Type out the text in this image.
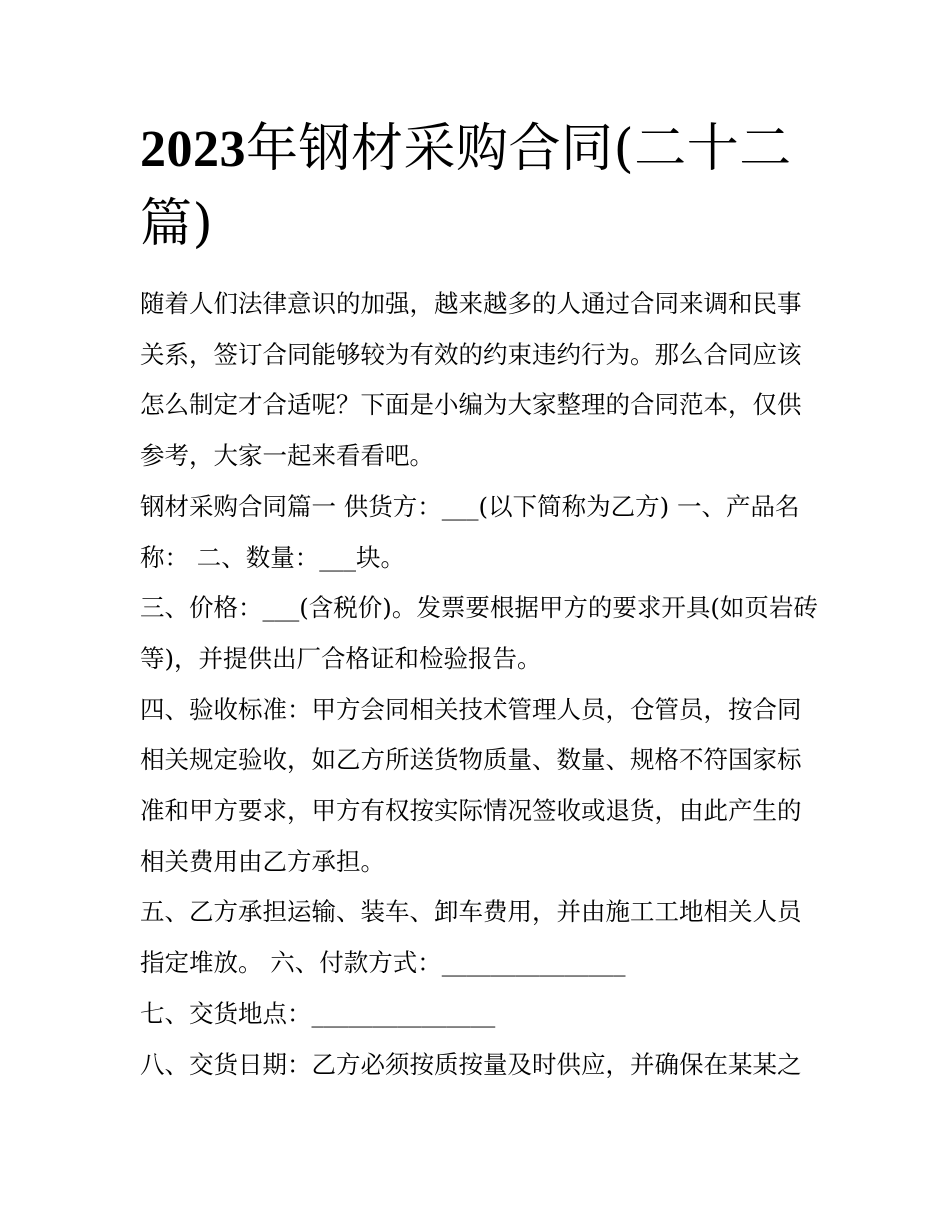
2023年钢材采购合同(二十二篇)

随着人们法律意识的加强，越来越多的人通过合同来调和民事关系，签订合同能够较为有效的约束违约行为。那么合同应该怎么制定才合适呢？下面是小编为大家整理的合同范本，仅供参考，大家一起来看看吧。

钢材采购合同篇一 供货方：___(以下简称为乙方) 一、产品名称： 二、数量：___块。

三、价格：___(含税价)。发票要根据甲方的要求开具(如页岩砖等)，并提供出厂合格证和检验报告。

四、验收标准：甲方会同相关技术管理人员，仓管员，按合同相关规定验收，如乙方所送货物质量、数量、规格不符国家标准和甲方要求，甲方有权按实际情况签收或退货，由此产生的相关费用由乙方承担。

五、乙方承担运输、装车、卸车费用，并由施工工地相关人员指定堆放。 六、付款方式：_______________

七、交货地点：_______________

八、交货日期：乙方必须按质按量及时供应，并确保在某某之
